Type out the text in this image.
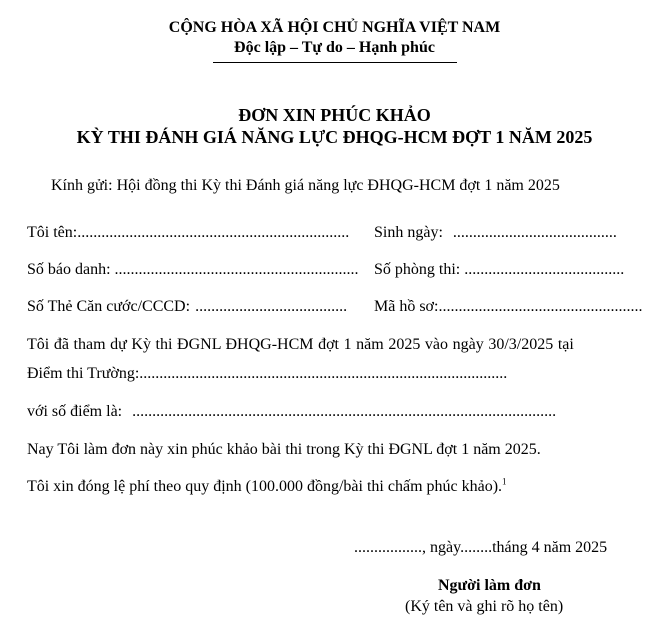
CỘNG HÒA XÃ HỘI CHỦ NGHĨA VIỆT NAM
Độc lập – Tự do – Hạnh phúc
ĐƠN XIN PHÚC KHẢO
KỲ THI ĐÁNH GIÁ NĂNG LỰC ĐHQG-HCM ĐỢT 1 NĂM 2025
Kính gửi: Hội đồng thi Kỳ thi Đánh giá năng lực ĐHQG-HCM đợt 1 năm 2025
Tôi tên:.................................................................... Sinh ngày: .........................................
Số báo danh: ............................................................. Số phòng thi: ........................................
Số Thẻ Căn cước/CCCD: ...................................... Mã hồ sơ:...................................................
Tôi đã tham dự Kỳ thi ĐGNL ĐHQG-HCM đợt 1 năm 2025 vào ngày 30/3/2025 tại
Điểm thi Trường:............................................................................................
với số điểm là: ..........................................................................................................
Nay Tôi làm đơn này xin phúc khảo bài thi trong Kỳ thi ĐGNL đợt 1 năm 2025.
Tôi xin đóng lệ phí theo quy định (100.000 đồng/bài thi chấm phúc khảo).$^1$
................., ngày........tháng 4 năm 2025
Người làm đơn
(Ký tên và ghi rõ họ tên)
